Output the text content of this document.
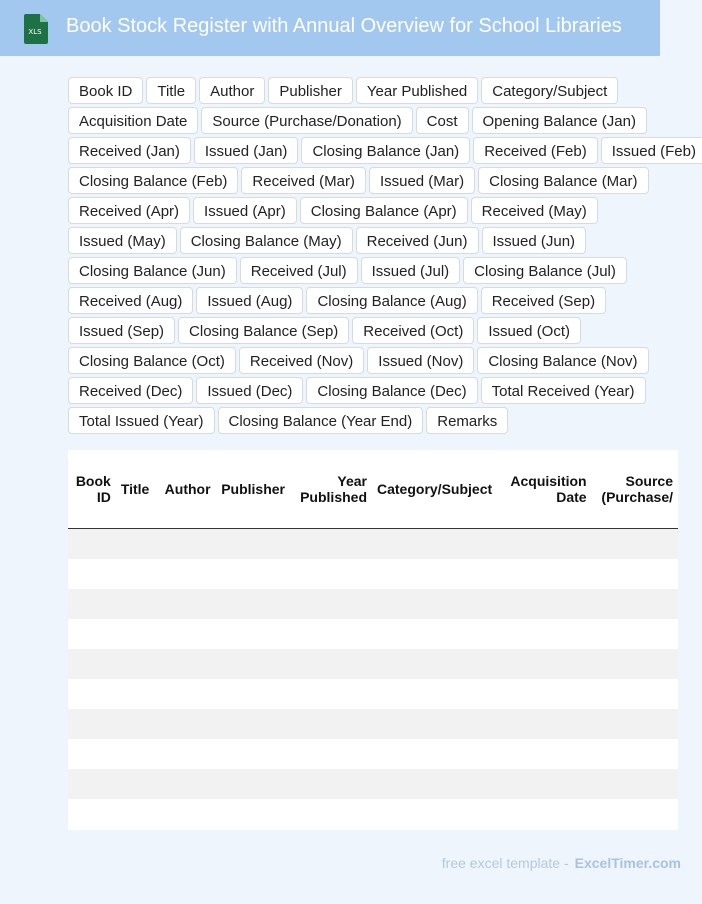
XLS Book Stock Register with Annual Overview for School Libraries
Book ID	Title	Author	Publisher	Year Published	Category/Subject
Acquisition Date	Source (Purchase/Donation)	Cost	Opening Balance (Jan)
Received (Jan)	Issued (Jan)	Closing Balance (Jan)	Received (Feb)	Issued (Feb)
Closing Balance (Feb)	Received (Mar)	Issued (Mar)	Closing Balance (Mar)
Received (Apr)	Issued (Apr)	Closing Balance (Apr)	Received (May)
Issued (May)	Closing Balance (May)	Received (Jun)	Issued (Jun)
Closing Balance (Jun)	Received (Jul)	Issued (Jul)	Closing Balance (Jul)
Received (Aug)	Issued (Aug)	Closing Balance (Aug)	Received (Sep)
Issued (Sep)	Closing Balance (Sep)	Received (Oct)	Issued (Oct)
Closing Balance (Oct)	Received (Nov)	Issued (Nov)	Closing Balance (Nov)
Received (Dec)	Issued (Dec)	Closing Balance (Dec)	Total Received (Year)
Total Issued (Year)	Closing Balance (Year End)	Remarks
Book ID	Title	Author	Publisher	Year Published	Category/Subject	Acquisition Date	Source (Purchase/

free excel template - ExcelTimer.com
